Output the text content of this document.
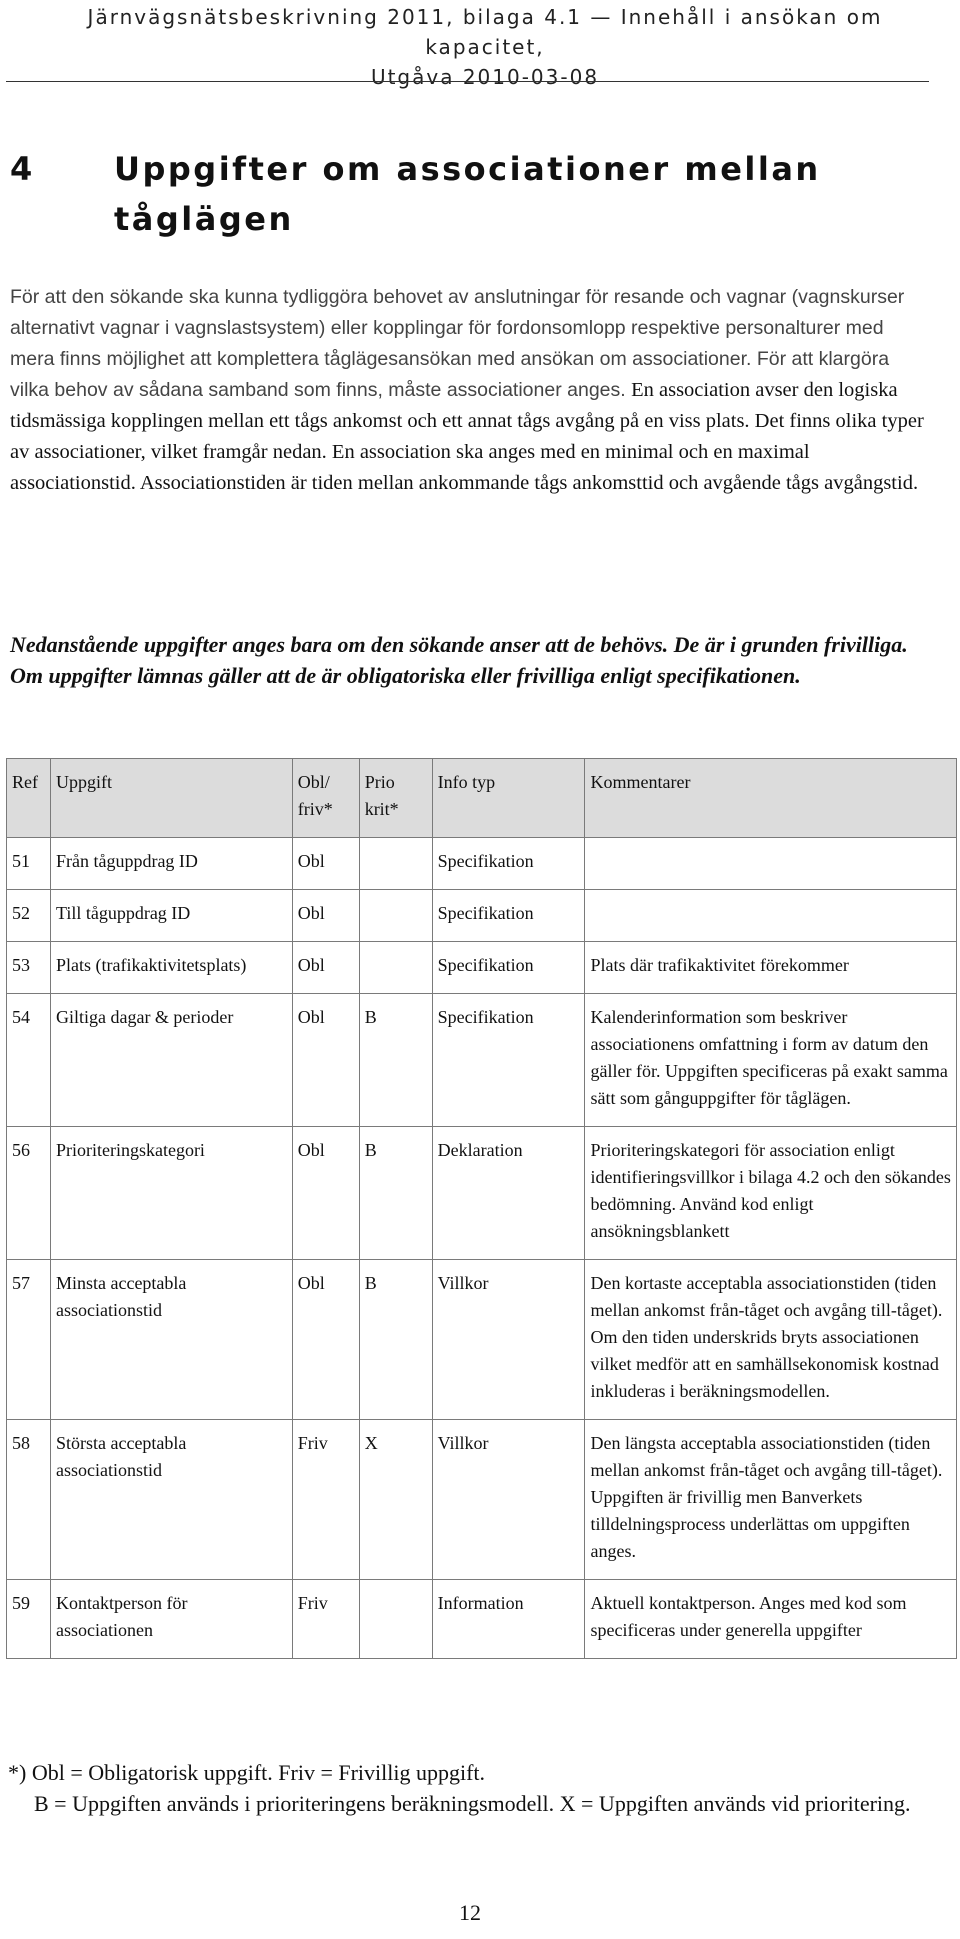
Järnvägsnätsbeskrivning 2011, bilaga 4.1 — Innehåll i ansökan om kapacitet,
Utgåva 2010-03-08
4 Uppgifter om associationer mellan tåglägen
För att den sökande ska kunna tydliggöra behovet av anslutningar för resande och vagnar (vagnskurser alternativt vagnar i vagnslastsystem) eller kopplingar för fordonsomlopp respektive personalturer med mera finns möjlighet att komplettera tåglägesansökan med ansökan om associationer. För att klargöra vilka behov av sådana samband som finns, måste associationer anges. En association avser den logiska tidsmässiga kopplingen mellan ett tågs ankomst och ett annat tågs avgång på en viss plats. Det finns olika typer av associationer, vilket framgår nedan. En association ska anges med en minimal och en maximal associationstid. Associationstiden är tiden mellan ankommande tågs ankomsttid och avgående tågs avgångstid.
Nedanstående uppgifter anges bara om den sökande anser att de behövs. De är i grunden frivilliga. Om uppgifter lämnas gäller att de är obligatoriska eller frivilliga enligt specifikationen.
Ref	Uppgift	Obl/ friv*	Prio krit*	Info typ	Kommentarer
51	Från tåguppdrag ID	Obl		Specifikation	
52	Till tåguppdrag ID	Obl		Specifikation	
53	Plats (trafikaktivitetsplats)	Obl		Specifikation	Plats där trafikaktivitet förekommer
54	Giltiga dagar & perioder	Obl	B	Specifikation	Kalenderinformation som beskriver associationens omfattning i form av datum den gäller för. Uppgiften specificeras på exakt samma sätt som gånguppgifter för tåglägen.
56	Prioriteringskategori	Obl	B	Deklaration	Prioriteringskategori för association enligt identifieringsvillkor i bilaga 4.2 och den sökandes bedömning. Använd kod enligt ansökningsblankett
57	Minsta acceptabla associationstid	Obl	B	Villkor	Den kortaste acceptabla associationstiden (tiden mellan ankomst från-tåget och avgång till-tåget). Om den tiden underskrids bryts associationen vilket medför att en samhällsekonomisk kostnad inkluderas i beräkningsmodellen.
58	Största acceptabla associationstid	Friv	X	Villkor	Den längsta acceptabla associationstiden (tiden mellan ankomst från-tåget och avgång till-tåget). Uppgiften är frivillig men Banverkets tilldelningsprocess underlättas om uppgiften anges.
59	Kontaktperson för associationen	Friv		Information	Aktuell kontaktperson. Anges med kod som specificeras under generella uppgifter
*) Obl = Obligatorisk uppgift. Friv = Frivillig uppgift.
B = Uppgiften används i prioriteringens beräkningsmodell. X = Uppgiften används vid prioritering.
12
